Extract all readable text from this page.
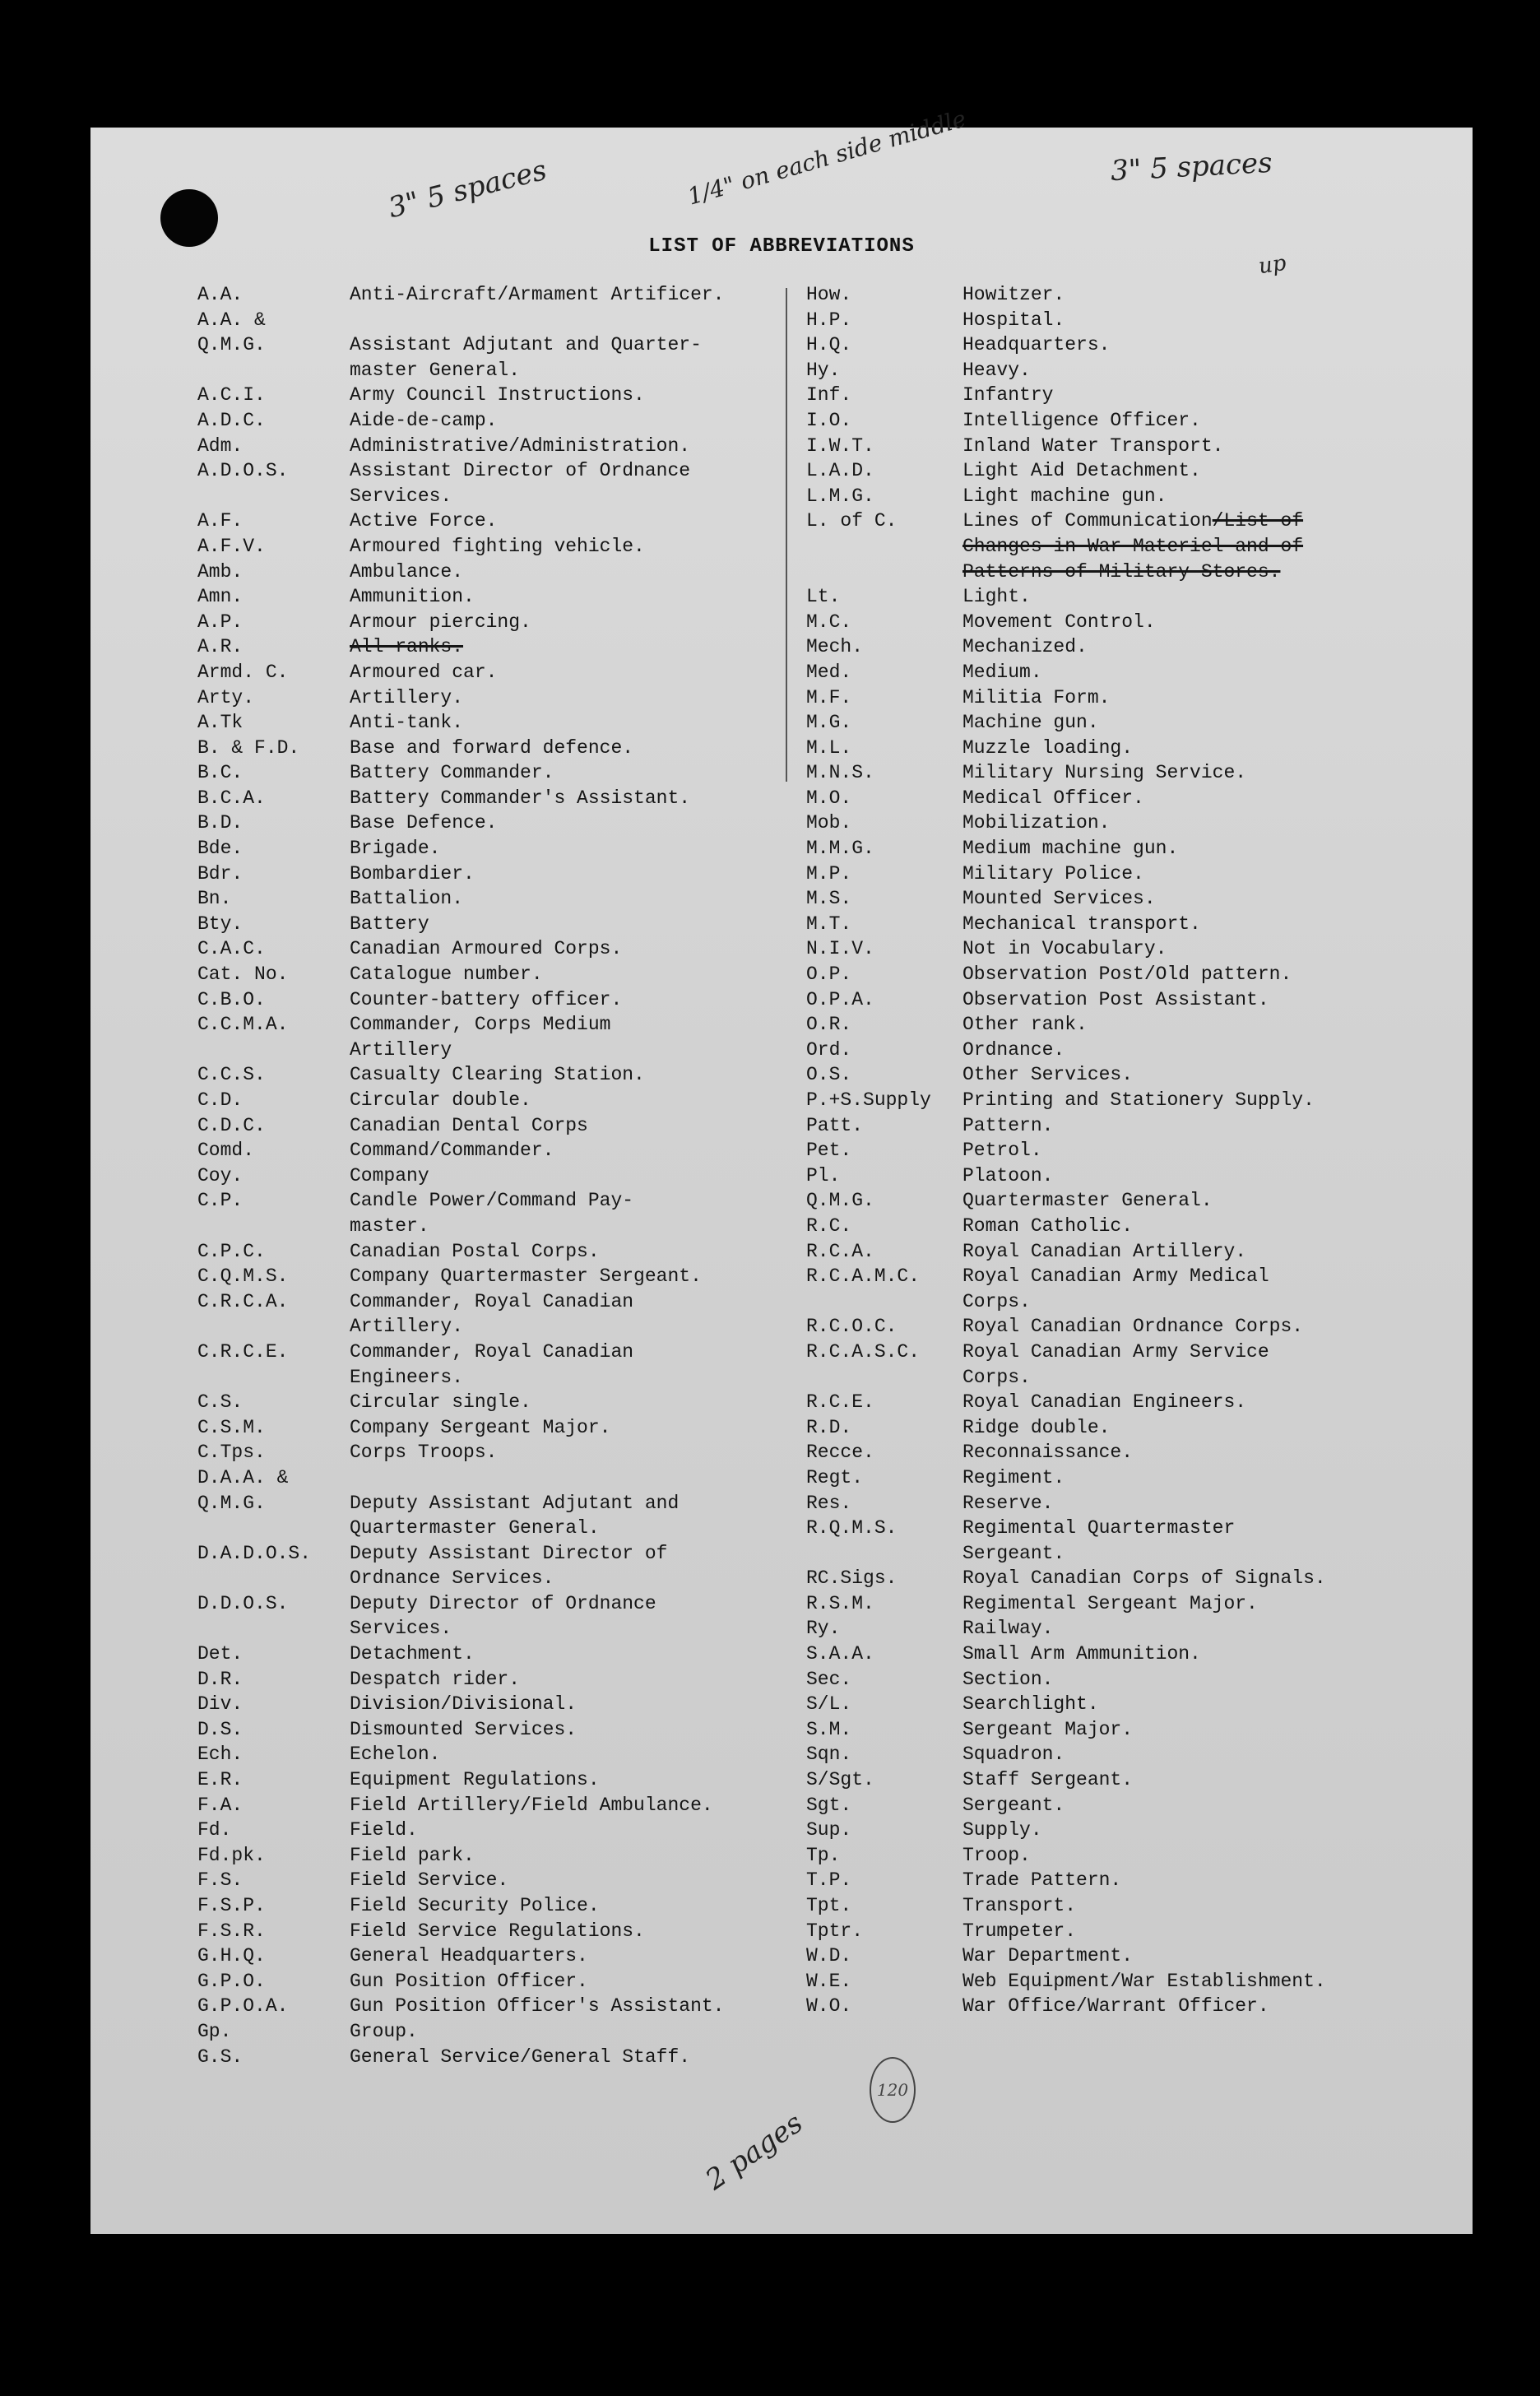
3" 5 spaces	1/4" on each side middle	3" 5 spaces
up
2 pages
LIST OF ABBREVIATIONS
A.A.	Anti-Aircraft/Armament Artificer.
A.A. &
Q.M.G.	Assistant Adjutant and Quarter-
master General.
A.C.I.	Army Council Instructions.
A.D.C.	Aide-de-camp.
Adm.	Administrative/Administration.
A.D.O.S.	Assistant Director of Ordnance
Services.
A.F.	Active Force.
A.F.V.	Armoured fighting vehicle.
Amb.	Ambulance.
Amn.	Ammunition.
A.P.	Armour piercing.
A.R.	All ranks.
Armd. C.	Armoured car.
Arty.	Artillery.
A.Tk	Anti-tank.
B. & F.D.	Base and forward defence.
B.C.	Battery Commander.
B.C.A.	Battery Commander's Assistant.
B.D.	Base Defence.
Bde.	Brigade.
Bdr.	Bombardier.
Bn.	Battalion.
Bty.	Battery
C.A.C.	Canadian Armoured Corps.
Cat. No.	Catalogue number.
C.B.O.	Counter-battery officer.
C.C.M.A.	Commander, Corps Medium
Artillery
C.C.S.	Casualty Clearing Station.
C.D.	Circular double.
C.D.C.	Canadian Dental Corps
Comd.	Command/Commander.
Coy.	Company
C.P.	Candle Power/Command Pay-
master.
C.P.C.	Canadian Postal Corps.
C.Q.M.S.	Company Quartermaster Sergeant.
C.R.C.A.	Commander, Royal Canadian
Artillery.
C.R.C.E.	Commander, Royal Canadian
Engineers.
C.S.	Circular single.
C.S.M.	Company Sergeant Major.
C.Tps.	Corps Troops.
D.A.A. &
Q.M.G.	Deputy Assistant Adjutant and
Quartermaster General.
D.A.D.O.S.	Deputy Assistant Director of
Ordnance Services.
D.D.O.S.	Deputy Director of Ordnance
Services.
Det.	Detachment.
D.R.	Despatch rider.
Div.	Division/Divisional.
D.S.	Dismounted Services.
Ech.	Echelon.
E.R.	Equipment Regulations.
F.A.	Field Artillery/Field Ambulance.
Fd.	Field.
Fd.pk.	Field park.
F.S.	Field Service.
F.S.P.	Field Security Police.
F.S.R.	Field Service Regulations.
G.H.Q.	General Headquarters.
G.P.O.	Gun Position Officer.
G.P.O.A.	Gun Position Officer's Assistant.
Gp.	Group.
G.S.	General Service/General Staff.
How.	Howitzer.
H.P.	Hospital.
H.Q.	Headquarters.
Hy.	Heavy.
Inf.	Infantry
I.O.	Intelligence Officer.
I.W.T.	Inland Water Transport.
L.A.D.	Light Aid Detachment.
L.M.G.	Light machine gun.
L. of C.	Lines of Communication /List of
Changes in War Materiel and of
Patterns of Military Stores.
Lt.	Light.
M.C.	Movement Control.
Mech.	Mechanized.
Med.	Medium.
M.F.	Militia Form.
M.G.	Machine gun.
M.L.	Muzzle loading.
M.N.S.	Military Nursing Service.
M.O.	Medical Officer.
Mob.	Mobilization.
M.M.G.	Medium machine gun.
M.P.	Military Police.
M.S.	Mounted Services.
M.T.	Mechanical transport.
N.I.V.	Not in Vocabulary.
O.P.	Observation Post/Old pattern.
O.P.A.	Observation Post Assistant.
O.R.	Other rank.
Ord.	Ordnance.
O.S.	Other Services.
P.+S.Supply	Printing and Stationery Supply.
Patt.	Pattern.
Pet.	Petrol.
Pl.	Platoon.
Q.M.G.	Quartermaster General.
R.C.	Roman Catholic.
R.C.A.	Royal Canadian Artillery.
R.C.A.M.C.	Royal Canadian Army Medical
Corps.
R.C.O.C.	Royal Canadian Ordnance Corps.
R.C.A.S.C.	Royal Canadian Army Service
Corps.
R.C.E.	Royal Canadian Engineers.
R.D.	Ridge double.
Recce.	Reconnaissance.
Regt.	Regiment.
Res.	Reserve.
R.Q.M.S.	Regimental Quartermaster
Sergeant.
RC.Sigs.	Royal Canadian Corps of Signals.
R.S.M.	Regimental Sergeant Major.
Ry.	Railway.
S.A.A.	Small Arm Ammunition.
Sec.	Section.
S/L.	Searchlight.
S.M.	Sergeant Major.
Sqn.	Squadron.
S/Sgt.	Staff Sergeant.
Sgt.	Sergeant.
Sup.	Supply.
Tp.	Troop.
T.P.	Trade Pattern.
Tpt.	Transport.
Tptr.	Trumpeter.
W.D.	War Department.
W.E.	Web Equipment/War Establishment.
W.O.	War Office/Warrant Officer.
120
